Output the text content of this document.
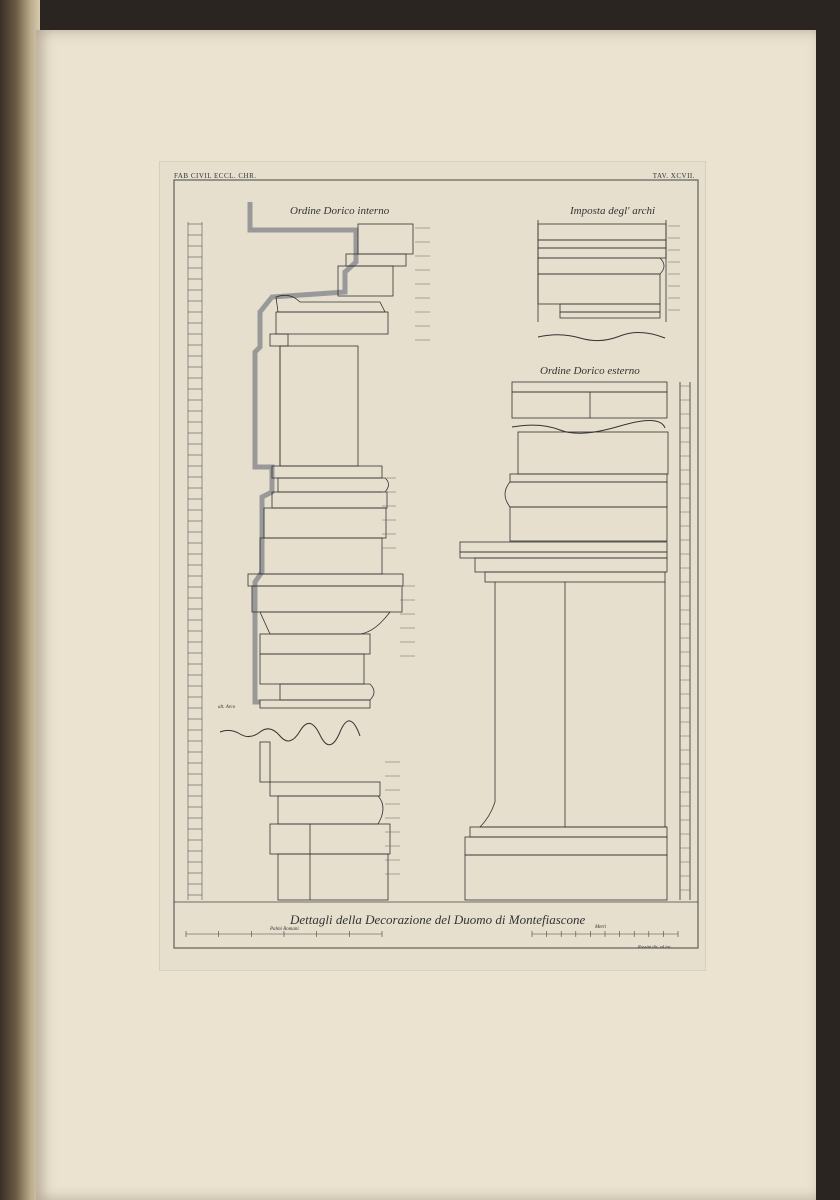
FAB CIVIL ECCL. CHR.	TAV. XCVII.
Ordine Dorico interno	Imposta degl' archi
Ordine Dorico esterno
alt. Arco
Dettagli della Decorazione del Duomo di Montefiascone
Palmi Romani	Metri
Rossini dis. ed inc.
